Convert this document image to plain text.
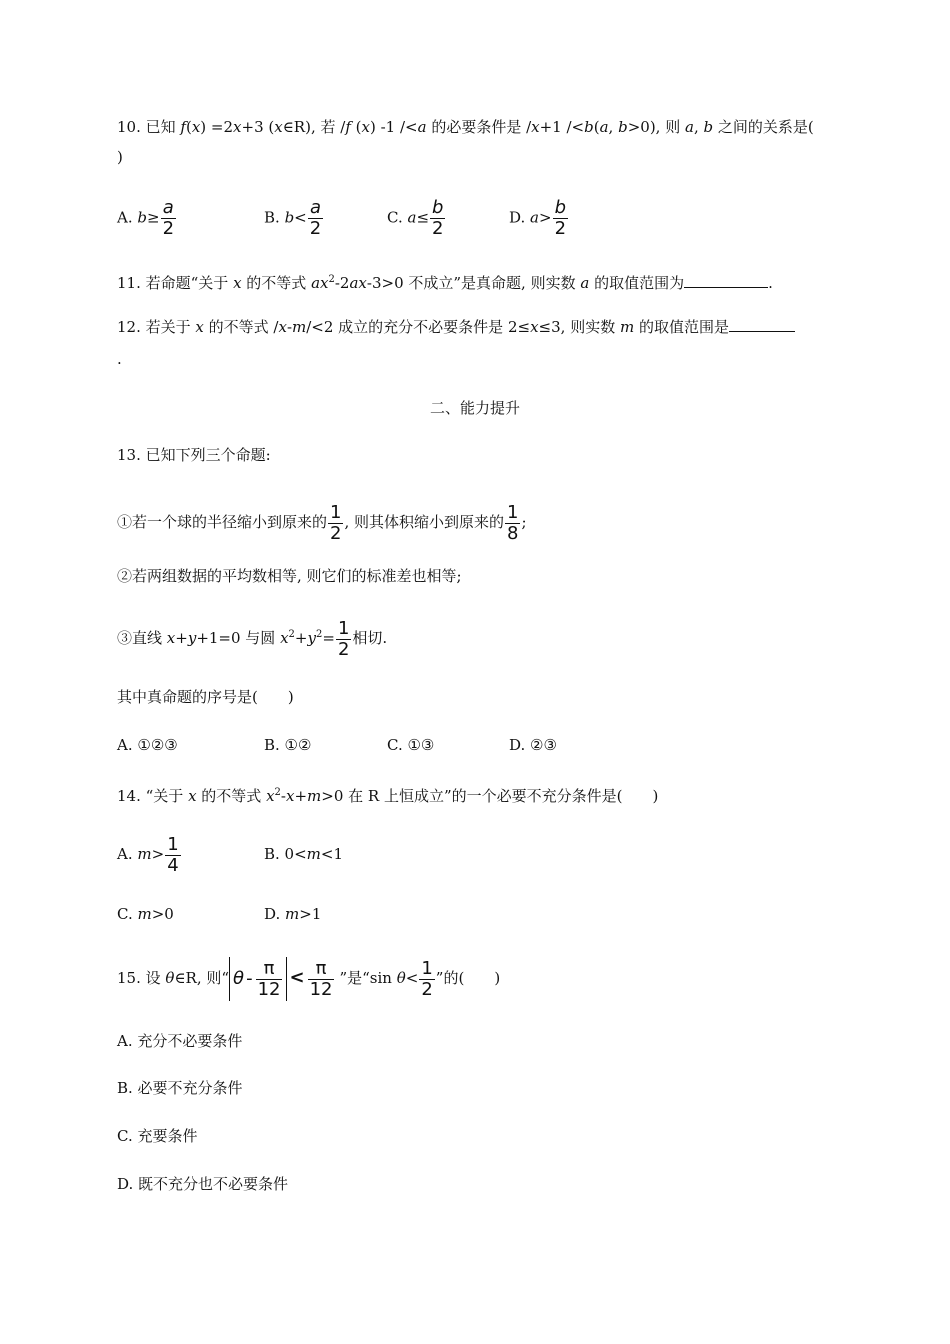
10. 已知 f(x) =2x+3 (x∈R), 若 /f (x) -1 /<a 的必要条件是 /x+1 /<b(a, b>0), 则 a, b 之间的关系是(
)
A. $b\ge \frac{a}{2}$	B. $b< \frac{a}{2}$	C. $a\le \frac{b}{2}$	D. $a> \frac{b}{2}$
11. 若命题“关于 x 的不等式 $ax^2-2ax-3>0$ 不成立”是真命题, 则实数 a 的取值范围为	.
12. 若关于 x 的不等式 /x-m/<2 成立的充分不必要条件是 2≤x≤3, 则实数 m 的取值范围是
.
二、能力提升
13. 已知下列三个命题:
①若一个球的半径缩小到原来的 $\frac{1}{2}$ , 则其体积缩小到原来的 $\frac{1}{8}$ ;
②若两组数据的平均数相等, 则它们的标准差也相等;
③直线 x+y+1=0 与圆 $x^2+y^2= \frac{1}{2}$ 相切.
其中真命题的序号是(　　)
A. ①②③	B. ①②	C. ①③	D. ②③
14. “关于 x 的不等式 $x^2-x+m>0$ 在 R 上恒成立”的一个必要不充分条件是(　　)
A. $m> \frac{1}{4}$	B. 0<m<1
C. m>0	D. m>1
15. 设 θ∈R, 则“ $\theta - \frac{\pi}{12} < \frac{\pi}{12}$ ”是“sin $\theta< \frac{1}{2}$ ”的(　　)
A. 充分不必要条件
B. 必要不充分条件
C. 充要条件
D. 既不充分也不必要条件
